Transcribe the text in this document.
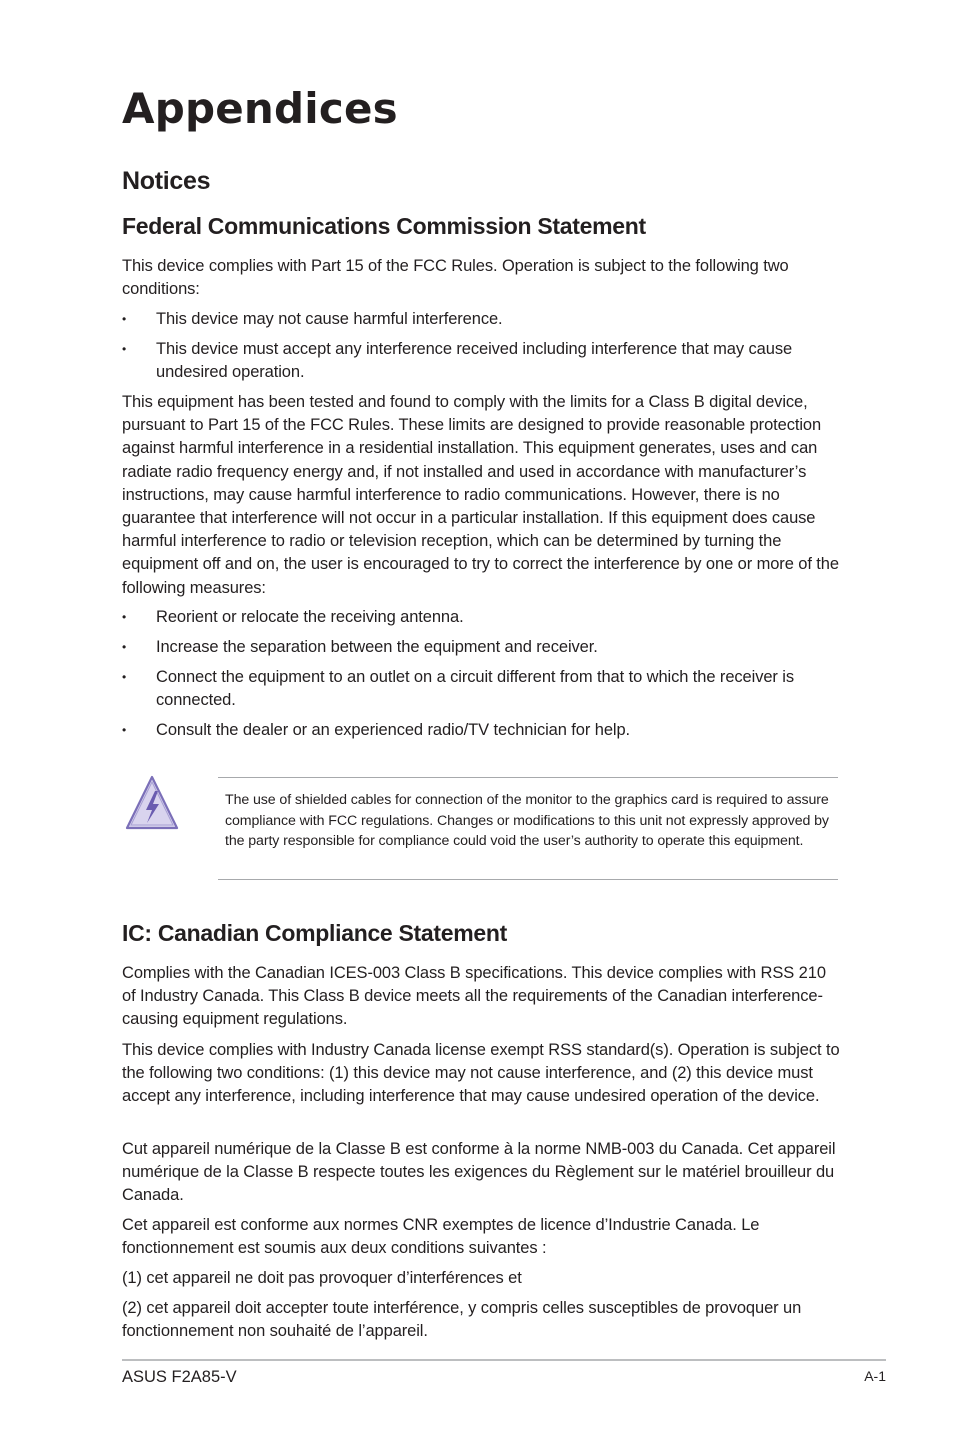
Appendices
Notices
Federal Communications Commission Statement

This device complies with Part 15 of the FCC Rules. Operation is subject to the following two conditions:

• This device may not cause harmful interference.
• This device must accept any interference received including interference that may cause undesired operation.

This equipment has been tested and found to comply with the limits for a Class B digital device, pursuant to Part 15 of the FCC Rules. These limits are designed to provide reasonable protection against harmful interference in a residential installation. This equipment generates, uses and can radiate radio frequency energy and, if not installed and used in accordance with manufacturer’s instructions, may cause harmful interference to radio communications. However, there is no guarantee that interference will not occur in a particular installation. If this equipment does cause harmful interference to radio or television reception, which can be determined by turning the equipment off and on, the user is encouraged to try to correct the interference by one or more of the following measures:

• Reorient or relocate the receiving antenna.
• Increase the separation between the equipment and receiver.
• Connect the equipment to an outlet on a circuit different from that to which the receiver is connected.
• Consult the dealer or an experienced radio/TV technician for help.
The use of shielded cables for connection of the monitor to the graphics card is required to assure compliance with FCC regulations. Changes or modifications to this unit not expressly approved by the party responsible for compliance could void the user’s authority to operate this equipment.
IC: Canadian Compliance Statement

Complies with the Canadian ICES-003 Class B specifications. This device complies with RSS 210 of Industry Canada. This Class B device meets all the requirements of the Canadian interference-causing equipment regulations.

This device complies with Industry Canada license exempt RSS standard(s). Operation is subject to the following two conditions: (1) this device may not cause interference, and (2) this device must accept any interference, including interference that may cause undesired operation of the device.

Cut appareil numérique de la Classe B est conforme à la norme NMB-003 du Canada. Cet appareil numérique de la Classe B respecte toutes les exigences du Règlement sur le matériel brouilleur du Canada.

Cet appareil est conforme aux normes CNR exemptes de licence d’Industrie Canada. Le fonctionnement est soumis aux deux conditions suivantes :

(1) cet appareil ne doit pas provoquer d’interférences et

(2) cet appareil doit accepter toute interférence, y compris celles susceptibles de provoquer un fonctionnement non souhaité de l’appareil.

ASUS F2A85-V	A-1
